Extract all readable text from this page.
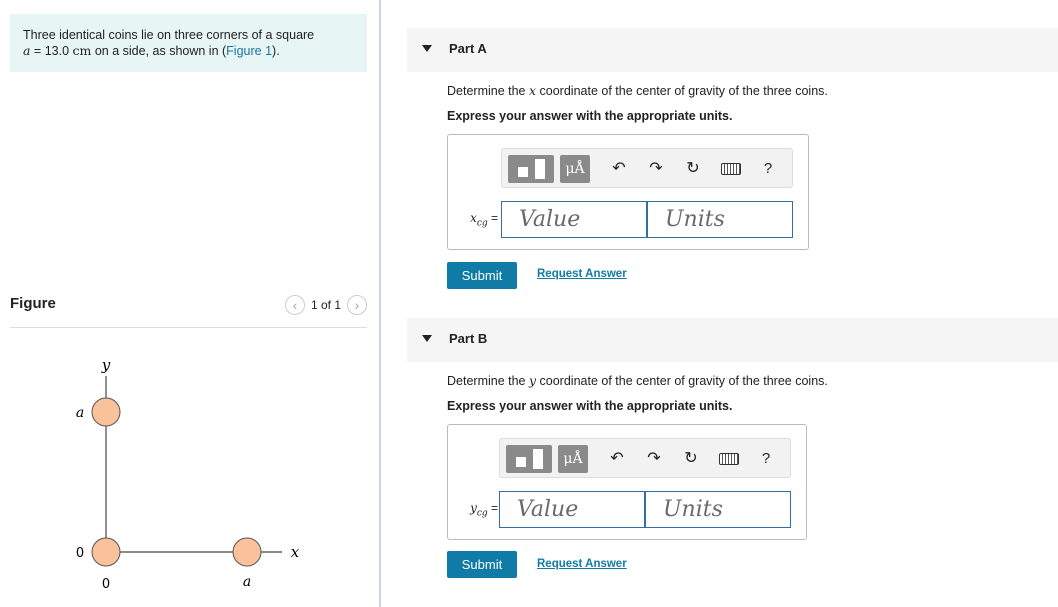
Three identical coins lie on three corners of a square
a = 13.0 cm on a side, as shown in (Figure 1).
Figure	‹	1 of 1 ›
y
x
a
0
0	a
Part A
Determine the x coordinate of the center of gravity of the three coins.
Express your answer with the appropriate units.
μÅ	↶ ↷ ↻	?
$x_{cg}$ = Value	Units
Submit	Request Answer
Part B
Determine the y coordinate of the center of gravity of the three coins.
Express your answer with the appropriate units.
μÅ	↶ ↷ ↻	?
$y_{cg}$ = Value	Units
Submit	Request Answer
